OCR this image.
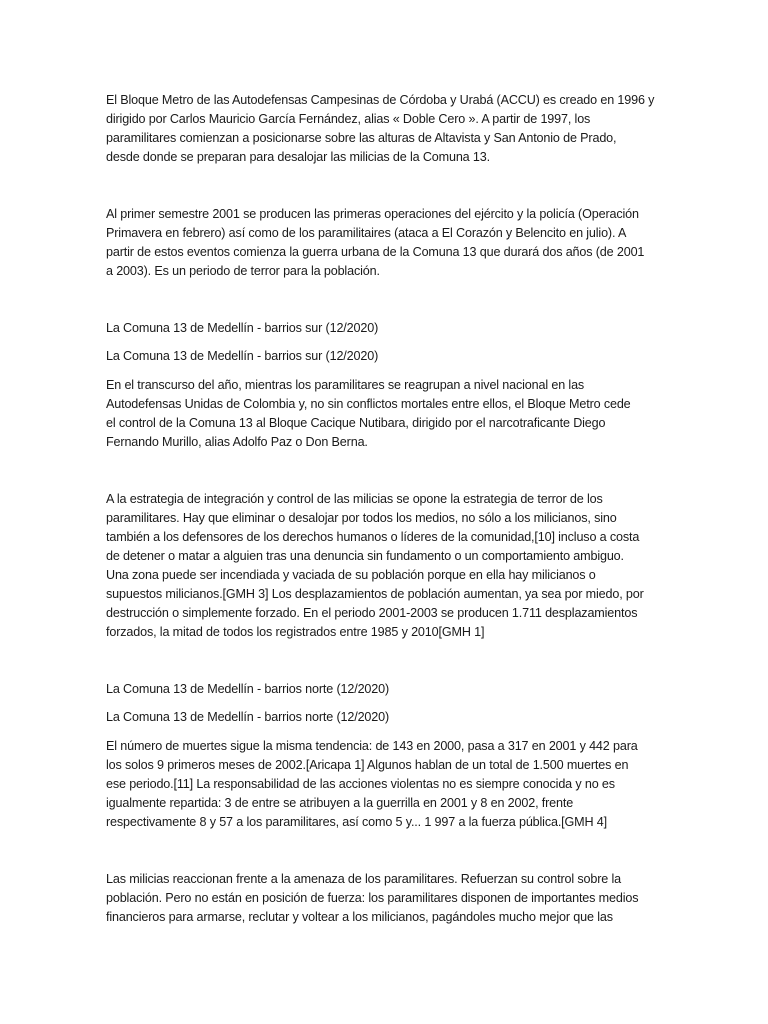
El Bloque Metro de las Autodefensas Campesinas de Córdoba y Urabá (ACCU) es creado en 1996 y
dirigido por Carlos Mauricio García Fernández, alias « Doble Cero ». A partir de 1997, los
paramilitares comienzan a posicionarse sobre las alturas de Altavista y San Antonio de Prado,
desde donde se preparan para desalojar las milicias de la Comuna 13.

Al primer semestre 2001 se producen las primeras operaciones del ejército y la policía (Operación
Primavera en febrero) así como de los paramilitaires (ataca a El Corazón y Belencito en julio). A
partir de estos eventos comienza la guerra urbana de la Comuna 13 que durará dos años (de 2001
a 2003). Es un periodo de terror para la población.

La Comuna 13 de Medellín - barrios sur (12/2020)

La Comuna 13 de Medellín - barrios sur (12/2020)

En el transcurso del año, mientras los paramilitares se reagrupan a nivel nacional en las
Autodefensas Unidas de Colombia y, no sin conflictos mortales entre ellos, el Bloque Metro cede
el control de la Comuna 13 al Bloque Cacique Nutibara, dirigido por el narcotraficante Diego
Fernando Murillo, alias Adolfo Paz o Don Berna.

A la estrategia de integración y control de las milicias se opone la estrategia de terror de los
paramilitares. Hay que eliminar o desalojar por todos los medios, no sólo a los milicianos, sino
también a los defensores de los derechos humanos o líderes de la comunidad,[10] incluso a costa
de detener o matar a alguien tras una denuncia sin fundamento o un comportamiento ambiguo.
Una zona puede ser incendiada y vaciada de su población porque en ella hay milicianos o
supuestos milicianos.[GMH 3] Los desplazamientos de población aumentan, ya sea por miedo, por
destrucción o simplemente forzado. En el periodo 2001-2003 se producen 1.711 desplazamientos
forzados, la mitad de todos los registrados entre 1985 y 2010[GMH 1]

La Comuna 13 de Medellín - barrios norte (12/2020)

La Comuna 13 de Medellín - barrios norte (12/2020)

El número de muertes sigue la misma tendencia: de 143 en 2000, pasa a 317 en 2001 y 442 para
los solos 9 primeros meses de 2002.[Aricapa 1] Algunos hablan de un total de 1.500 muertes en
ese periodo.[11] La responsabilidad de las acciones violentas no es siempre conocida y no es
igualmente repartida: 3 de entre se atribuyen a la guerrilla en 2001 y 8 en 2002, frente
respectivamente 8 y 57 a los paramilitares, así como 5 y... 1 997 a la fuerza pública.[GMH 4]

Las milicias reaccionan frente a la amenaza de los paramilitares. Refuerzan su control sobre la
población. Pero no están en posición de fuerza: los paramilitares disponen de importantes medios
financieros para armarse, reclutar y voltear a los milicianos, pagándoles mucho mejor que las
